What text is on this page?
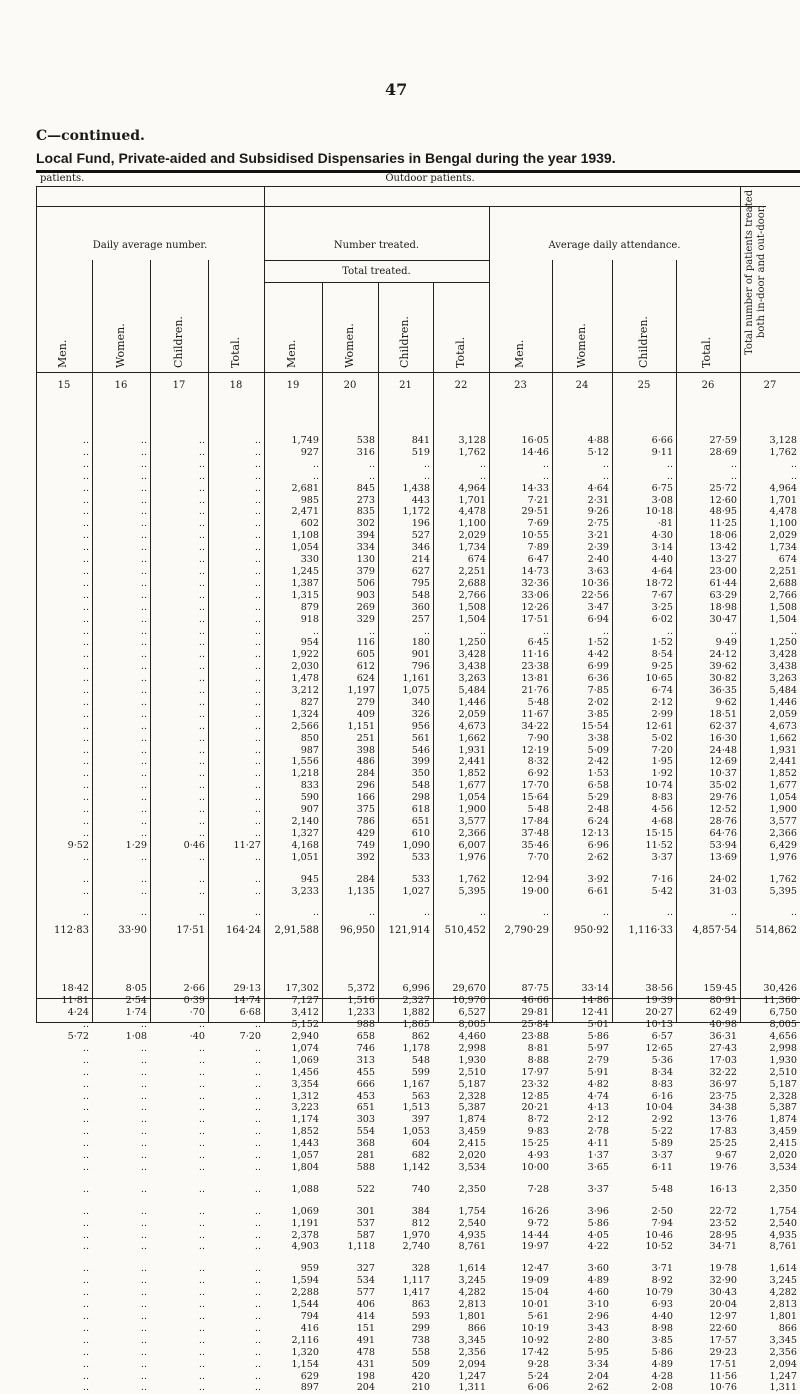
47
C—continued.
Local Fund, Private-aided and Subsidised Dispensaries in Bengal during the year 1939.
patients.	Outdoor patients.
Daily average number.	Number treated.	Average daily attendance.
Total treated.	Total number of patients treated both in-door and out-door.
Men.	Women.	Children.	Total.	Men.	Women.	Children.	Total.	Men.	Women.	Children.	Total.
15	16	17	18	19	20	21	22	23	24	25	26	27

..	..	..	..	1,749	538	841	3,128	16·05	4·88	6·66	27·59	3,128
..	..	..	..	927	316	519	1,762	14·46	5·12	9·11	28·69	1,762
..	..	..	..	..	..	..	..	..	..	..	..	..
..	..	..	..	..	..	..	..	..	..	..	..	..
..	..	..	..	2,681	845	1,438	4,964	14·33	4·64	6·75	25·72	4,964
..	..	..	..	985	273	443	1,701	7·21	2·31	3·08	12·60	1,701
..	..	..	..	2,471	835	1,172	4,478	29·51	9·26	10·18	48·95	4,478
..	..	..	..	602	302	196	1,100	7·69	2·75	·81	11·25	1,100
..	..	..	..	1,108	394	527	2,029	10·55	3·21	4·30	18·06	2,029
..	..	..	..	1,054	334	346	1,734	7·89	2·39	3·14	13·42	1,734
..	..	..	..	330	130	214	674	6·47	2·40	4·40	13·27	674
..	..	..	..	1,245	379	627	2,251	14·73	3·63	4·64	23·00	2,251
..	..	..	..	1,387	506	795	2,688	32·36	10·36	18·72	61·44	2,688
..	..	..	..	1,315	903	548	2,766	33·06	22·56	7·67	63·29	2,766
..	..	..	..	879	269	360	1,508	12·26	3·47	3·25	18·98	1,508
..	..	..	..	918	329	257	1,504	17·51	6·94	6·02	30·47	1,504
..	..	..	..	..	..	..	..	..	..	..	..	..
..	..	..	..	954	116	180	1,250	6·45	1·52	1·52	9·49	1,250
..	..	..	..	1,922	605	901	3,428	11·16	4·42	8·54	24·12	3,428
..	..	..	..	2,030	612	796	3,438	23·38	6·99	9·25	39·62	3,438
..	..	..	..	1,478	624	1,161	3,263	13·81	6·36	10·65	30·82	3,263
..	..	..	..	3,212	1,197	1,075	5,484	21·76	7·85	6·74	36·35	5,484
..	..	..	..	827	279	340	1,446	5·48	2·02	2·12	9·62	1,446
..	..	..	..	1,324	409	326	2,059	11·67	3·85	2·99	18·51	2,059
..	..	..	..	2,566	1,151	956	4,673	34·22	15·54	12·61	62·37	4,673
..	..	..	..	850	251	561	1,662	7·90	3·38	5·02	16·30	1,662
..	..	..	..	987	398	546	1,931	12·19	5·09	7·20	24·48	1,931
..	..	..	..	1,556	486	399	2,441	8·32	2·42	1·95	12·69	2,441
..	..	..	..	1,218	284	350	1,852	6·92	1·53	1·92	10·37	1,852
..	..	..	..	833	296	548	1,677	17·70	6·58	10·74	35·02	1,677
..	..	..	..	590	166	298	1,054	15·64	5·29	8·83	29·76	1,054
..	..	..	..	907	375	618	1,900	5·48	2·48	4·56	12·52	1,900
..	..	..	..	2,140	786	651	3,577	17·84	6·24	4·68	28·76	3,577
..	..	..	..	1,327	429	610	2,366	37·48	12·13	15·15	64·76	2,366
9·52	1·29	0·46	11·27	4,168	749	1,090	6,007	35·46	6·96	11·52	53·94	6,429
..	..	..	..	1,051	392	533	1,976	7·70	2·62	3·37	13·69	1,976

..	..	..	..	945	284	533	1,762	12·94	3·92	7·16	24·02	1,762
..	..	..	..	3,233	1,135	1,027	5,395	19·00	6·61	5·42	31·03	5,395

..	..	..	..	..	..	..	..	..	..	..	..	..
112·83	33·90	17·51	164·24	2,91,588	96,950	121,914	510,452	2,790·29	950·92	1,116·33	4,857·54	514,862

18·42	8·05	2·66	29·13	17,302	5,372	6,996	29,670	87·75	33·14	38·56	159·45	30,426
11·81	2·54	0·39	14·74	7,127	1,516	2,327	10,970	46·66	14·86	19·39	80·91	11,360
4·24	1·74	·70	6·68	3,412	1,233	1,882	6,527	29·81	12·41	20·27	62·49	6,750
..	..	..	..	5,152	988	1,865	8,005	25·84	5·01	10·13	40·98	8,005
5·72	1·08	·40	7·20	2,940	658	862	4,460	23·88	5·86	6·57	36·31	4,656
..	..	..	..	1,074	746	1,178	2,998	8·81	5·97	12·65	27·43	2,998
..	..	..	..	1,069	313	548	1,930	8·88	2·79	5·36	17·03	1,930
..	..	..	..	1,456	455	599	2,510	17·97	5·91	8·34	32·22	2,510
..	..	..	..	3,354	666	1,167	5,187	23·32	4·82	8·83	36·97	5,187
..	..	..	..	1,312	453	563	2,328	12·85	4·74	6·16	23·75	2,328
..	..	..	..	3,223	651	1,513	5,387	20·21	4·13	10·04	34·38	5,387
..	..	..	..	1,174	303	397	1,874	8·72	2·12	2·92	13·76	1,874
..	..	..	..	1,852	554	1,053	3,459	9·83	2·78	5·22	17·83	3,459
..	..	..	..	1,443	368	604	2,415	15·25	4·11	5·89	25·25	2,415
..	..	..	..	1,057	281	682	2,020	4·93	1·37	3·37	9·67	2,020
..	..	..	..	1,804	588	1,142	3,534	10·00	3·65	6·11	19·76	3,534

..	..	..	..	1,088	522	740	2,350	7·28	3·37	5·48	16·13	2,350

..	..	..	..	1,069	301	384	1,754	16·26	3·96	2·50	22·72	1,754
..	..	..	..	1,191	537	812	2,540	9·72	5·86	7·94	23·52	2,540
..	..	..	..	2,378	587	1,970	4,935	14·44	4·05	10·46	28·95	4,935
..	..	..	..	4,903	1,118	2,740	8,761	19·97	4·22	10·52	34·71	8,761

..	..	..	..	959	327	328	1,614	12·47	3·60	3·71	19·78	1,614
..	..	..	..	1,594	534	1,117	3,245	19·09	4·89	8·92	32·90	3,245
..	..	..	..	2,288	577	1,417	4,282	15·04	4·60	10·79	30·43	4,282
..	..	..	..	1,544	406	863	2,813	10·01	3·10	6·93	20·04	2,813
..	..	..	..	794	414	593	1,801	5·61	2·96	4·40	12·97	1,801
..	..	..	..	416	151	299	866	10·19	3·43	8·98	22·60	866
..	..	..	..	2,116	491	738	3,345	10·92	2·80	3·85	17·57	3,345
..	..	..	..	1,320	478	558	2,356	17·42	5·95	5·86	29·23	2,356
..	..	..	..	1,154	431	509	2,094	9·28	3·34	4·89	17·51	2,094
..	..	..	..	629	198	420	1,247	5·24	2·04	4·28	11·56	1,247
..	..	..	..	897	204	210	1,311	6·06	2·62	2·08	10·76	1,311
